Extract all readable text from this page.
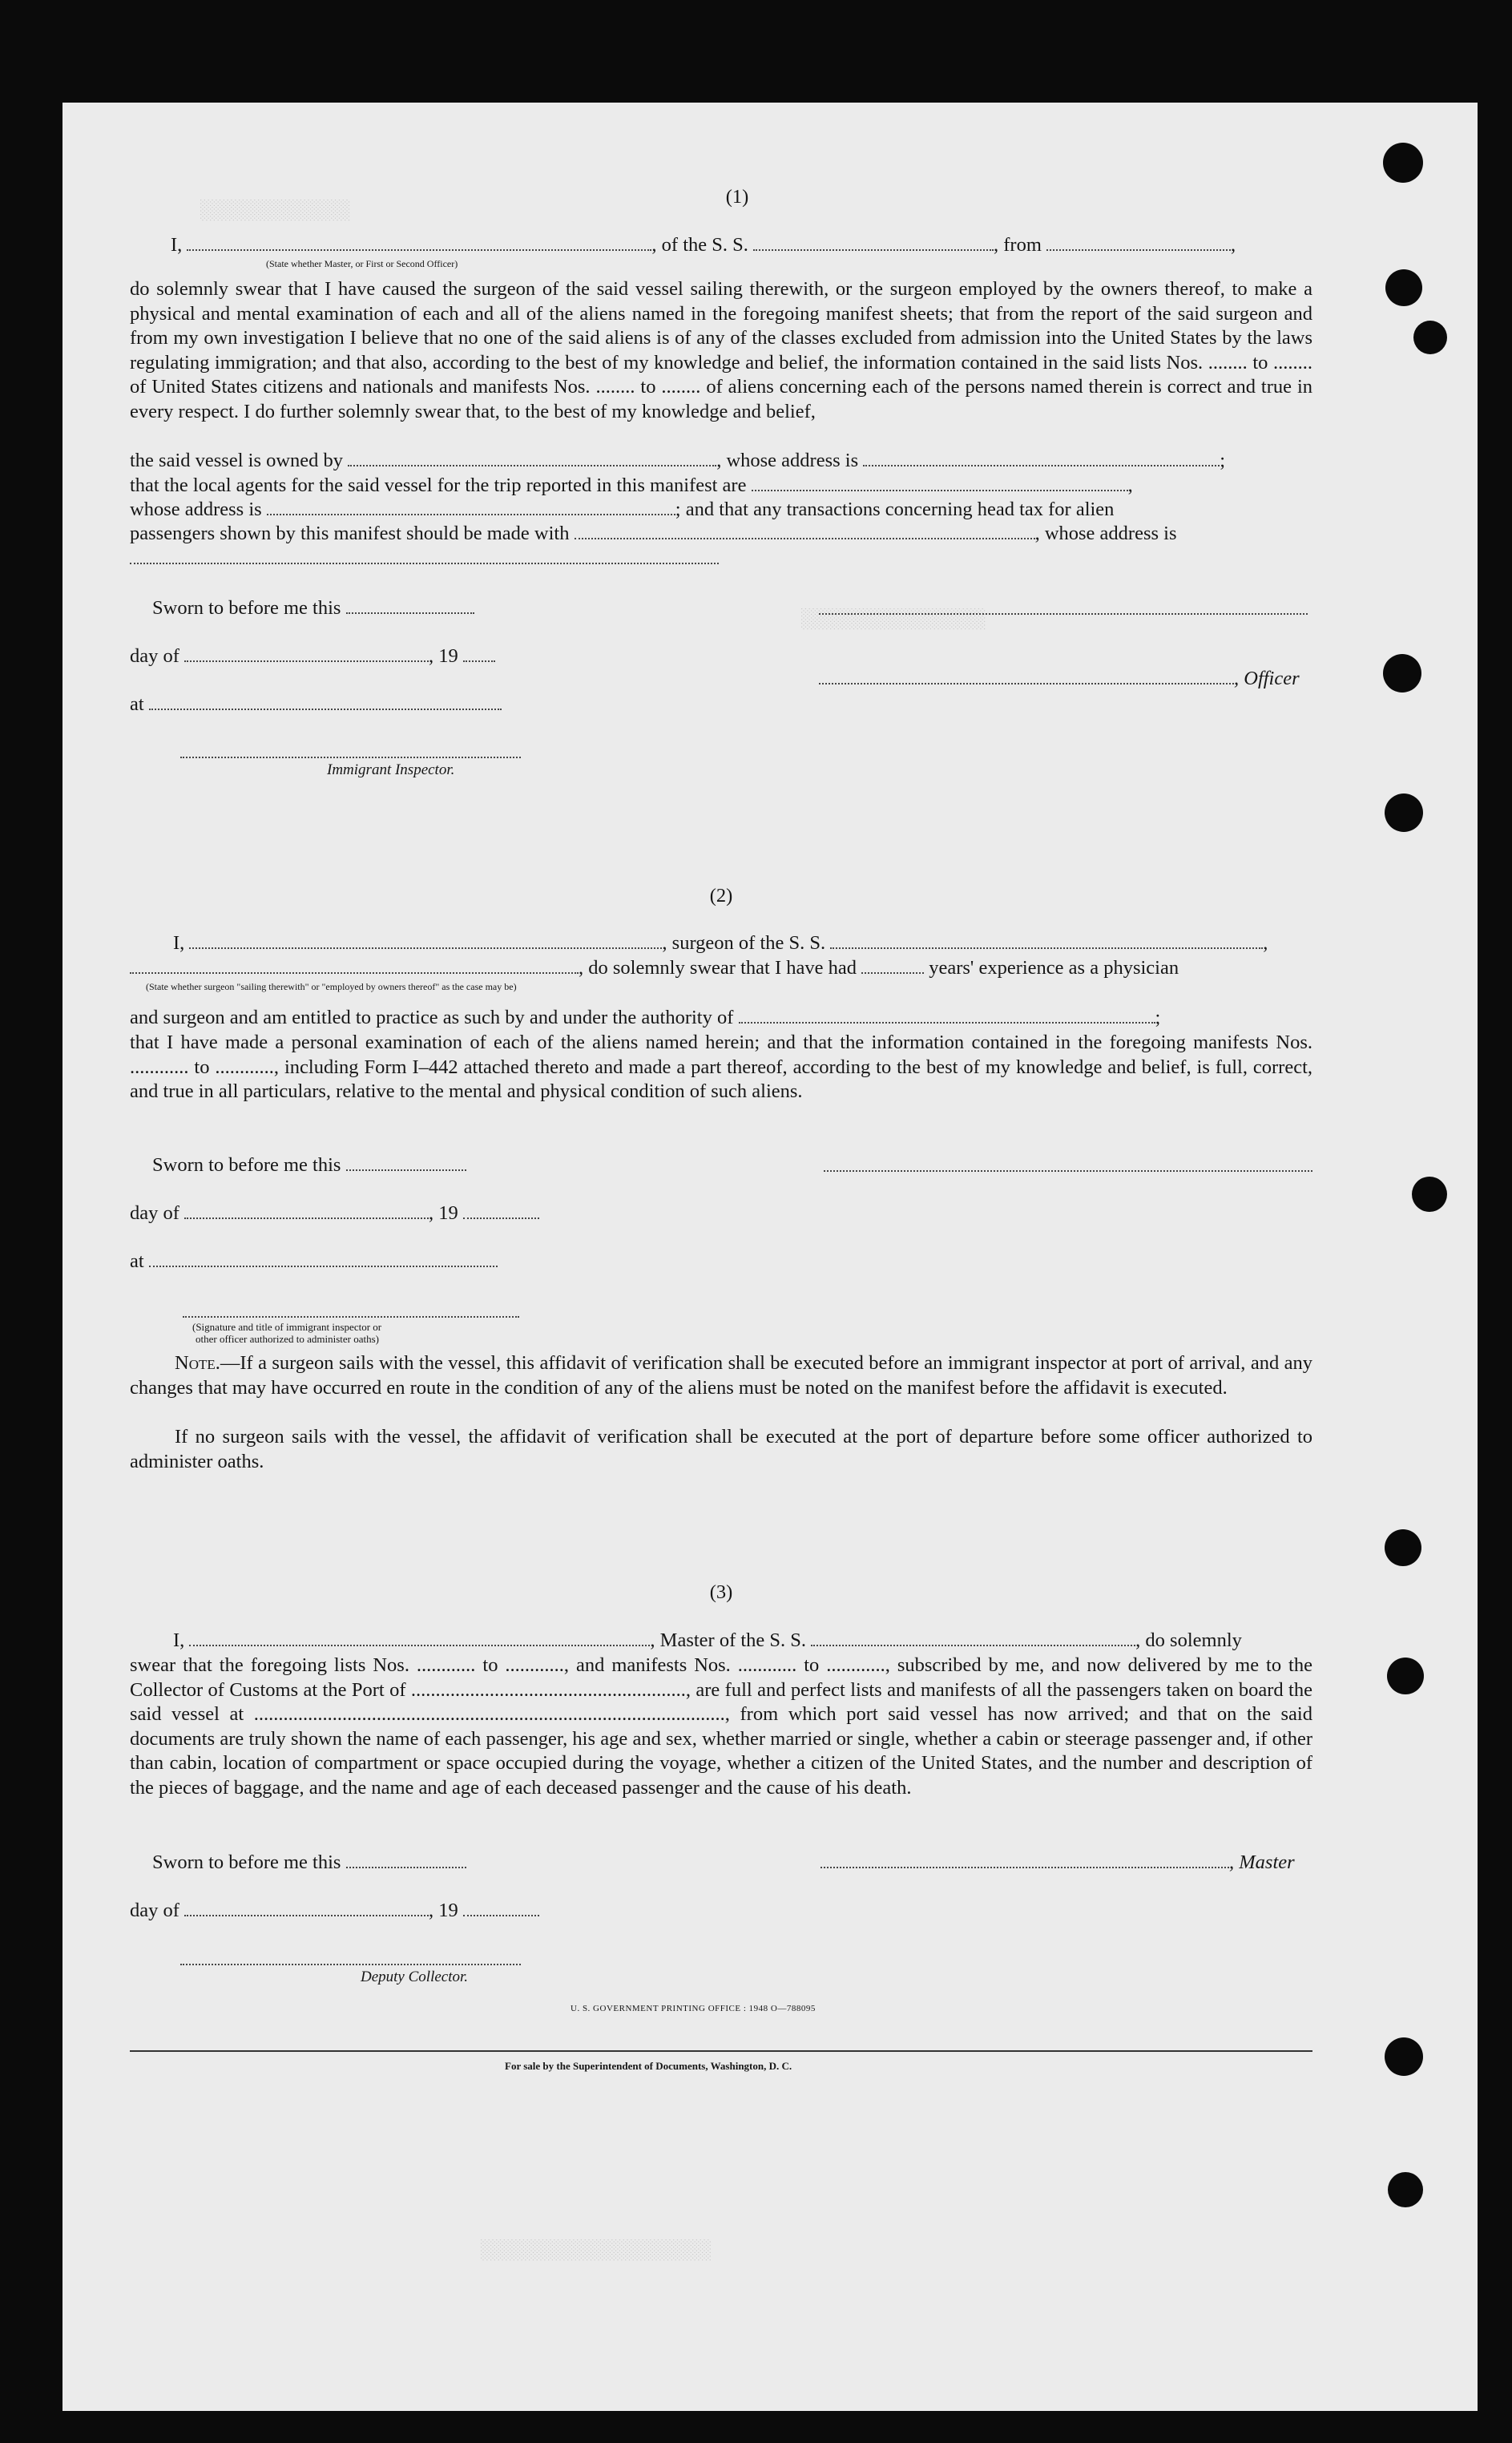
░░░░░░░░░░░░░
░░░░░░░░░░░░░░░░
░░░░░░░░░░░░░░░░░░░░
(1)
I,	, of the S. S.	, from	,
(State whether Master, or First or Second Officer)
do solemnly swear that I have caused the surgeon of the said vessel sailing therewith, or the surgeon employed by the owners thereof, to make a physical and mental examination of each and all of the aliens named in the foregoing manifest sheets; that from the report of the said surgeon and from my own investigation I believe that no one of the said aliens is of any of the classes excluded from admission into the United States by the laws regulating immigration; and that also, according to the best of my knowledge and belief, the information contained in the said lists Nos. ........ to ........ of United States citizens and nationals and manifests Nos. ........ to ........ of aliens concerning each of the persons named therein is correct and true in every respect. I do further solemnly swear that, to the best of my knowledge and belief,
the said vessel is owned by	, whose address is	;
that the local agents for the said vessel for the trip reported in this manifest are	,
whose address is	; and that any transactions concerning head tax for alien
passengers shown by this manifest should be made with	, whose address is
Sworn to before me this
day of	, 19
, Officer
at
Immigrant Inspector.
(2)
I,	, surgeon of the S. S.	,
, do solemnly swear that I have had	years' experience as a physician
(State whether surgeon "sailing therewith" or "employed by owners thereof" as the case may be)
and surgeon and am entitled to practice as such by and under the authority of	;
that I have made a personal examination of each of the aliens named herein; and that the information contained in the foregoing manifests Nos. ............ to ............, including Form I–442 attached thereto and made a part thereof, according to the best of my knowledge and belief, is full, correct, and true in all particulars, relative to the mental and physical condition of such aliens.
Sworn to before me this
day of	, 19
at
(Signature and title of immigrant inspector or
other officer authorized to administer oaths)
Note.—If a surgeon sails with the vessel, this affidavit of verification shall be executed before an immigrant inspector at port of arrival, and any changes that may have occurred en route in the condition of any of the aliens must be noted on the manifest before the affidavit is executed.
If no surgeon sails with the vessel, the affidavit of verification shall be executed at the port of departure before some officer authorized to administer oaths.
(3)
I,	, Master of the S. S.	, do solemnly
swear that the foregoing lists Nos. ............ to ............, and manifests Nos. ............ to ............, subscribed by me, and now delivered by me to the Collector of Customs at the Port of ........................................................, are full and perfect lists and manifests of all the passengers taken on board the said vessel at ................................................................................................, from which port said vessel has now arrived; and that on the said documents are truly shown the name of each passenger, his age and sex, whether married or single, whether a cabin or steerage passenger and, if other than cabin, location of compartment or space occupied during the voyage, whether a citizen of the United States, and the number and description of the pieces of baggage, and the name and age of each deceased passenger and the cause of his death.
Sworn to before me this	, Master
day of	, 19
Deputy Collector.
U. S. GOVERNMENT PRINTING OFFICE : 1948 O—788095
For sale by the Superintendent of Documents, Washington, D. C.
